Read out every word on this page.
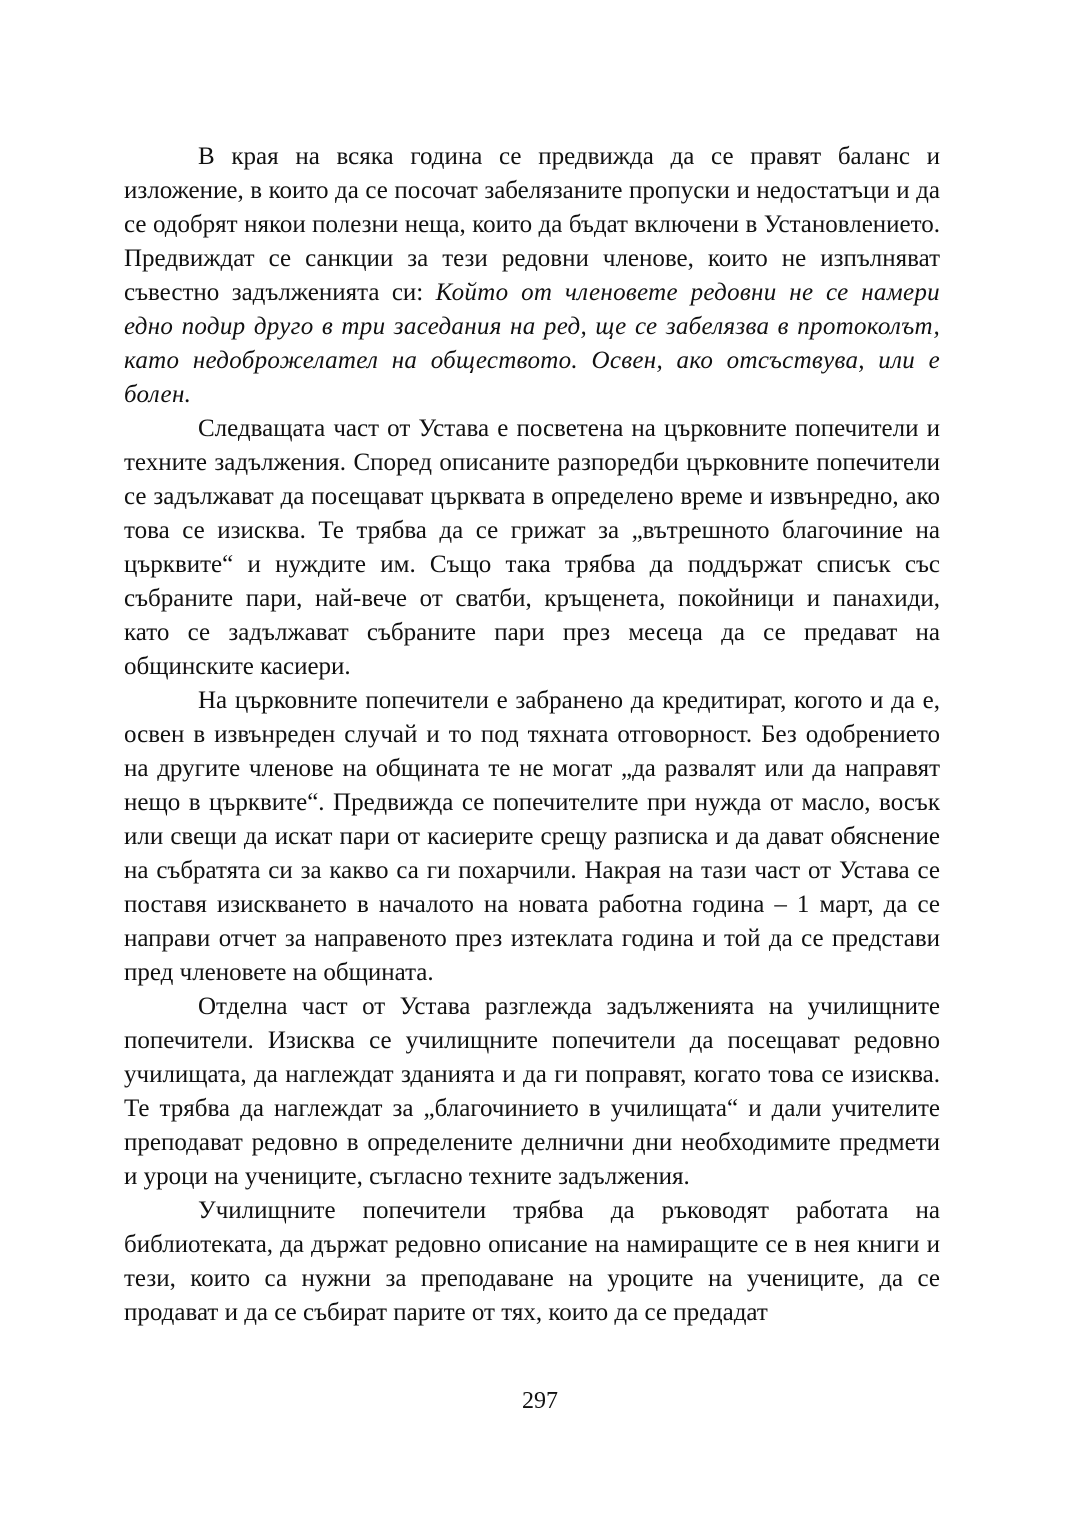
В края на всяка година се предвижда да се правят баланс и изложение, в които да се посочат забелязаните пропуски и недостатъци и да се одобрят някои полезни неща, които да бъдат включени в Установлението. Предвиждат се санкции за тези редовни членове, които не изпълняват съвестно задълженията си: Който от членовете редовни не се намери едно подир друго в три заседания на ред, ще се забелязва в протоколът, като недоброжелател на обществото. Освен, ако отсъствува, или е болен.

Следващата част от Устава е посветена на църковните попечители и техните задължения. Според описаните разпоредби църковните попечители се задължават да посещават църквата в определено време и извънредно, ако това се изисква. Те трябва да се грижат за „вътрешното благочиние на църквите“ и нуждите им. Също така трябва да поддържат списък със събраните пари, най-вече от сватби, кръщенета, покойници и панахиди, като се задължават събраните пари през месеца да се предават на общинските касиери.

На църковните попечители е забранено да кредитират, когото и да е, освен в извънреден случай и то под тяхната отговорност. Без одобрението на другите членове на общината те не могат „да развалят или да направят нещо в църквите“. Предвижда се попечителите при нужда от масло, восък или свещи да искат пари от касиерите срещу разписка и да дават обяснение на събратята си за какво са ги похарчили. Накрая на тази част от Устава се поставя изискването в началото на новата работна година – 1 март, да се направи отчет за направеното през изтеклата година и той да се представи пред членовете на общината.

Отделна част от Устава разглежда задълженията на училищните попечители. Изисква се училищните попечители да посещават редовно училищата, да наглеждат зданията и да ги поправят, когато това се изисква. Те трябва да наглеждат за „благочинието в училищата“ и дали учителите преподават редовно в определените делнични дни необходимите предмети и уроци на учениците, съгласно техните задължения.

Училищните попечители трябва да ръководят работата на библиотеката, да държат редовно описание на намиращите се в нея книги и тези, които са нужни за преподаване на уроците на учениците, да се продават и да се събират парите от тях, които да се предадат

297
